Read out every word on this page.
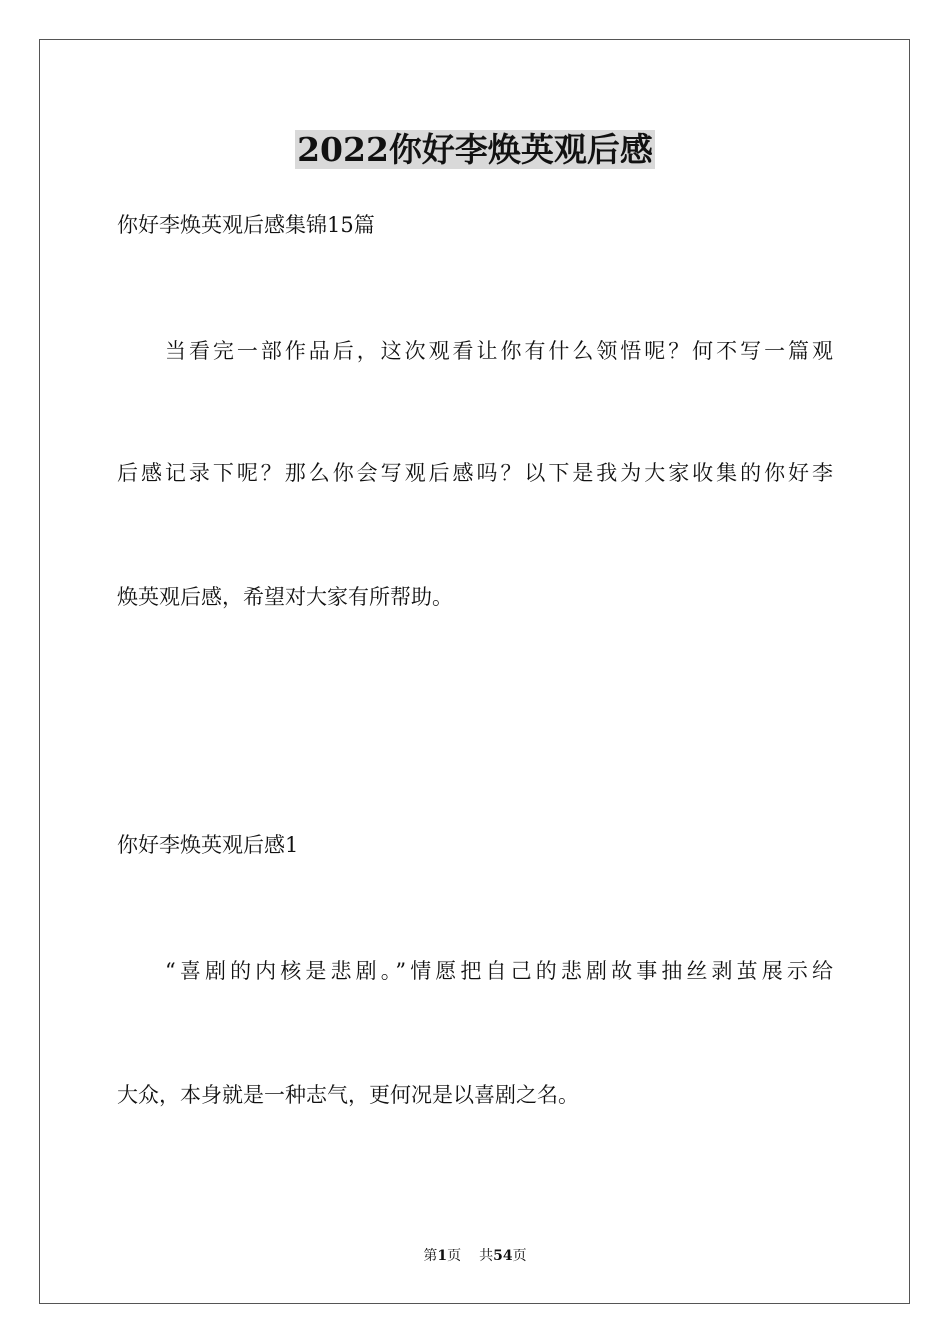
2022你好李焕英观后感
你好李焕英观后感集锦15篇
当看完一部作品后，这次观看让你有什么领悟呢？何不写一篇观
后感记录下呢？那么你会写观后感吗？以下是我为大家收集的你好李
焕英观后感，希望对大家有所帮助。
你好李焕英观后感1
“喜剧的内核是悲剧。”情愿把自己的悲剧故事抽丝剥茧展示给
大众，本身就是一种志气，更何况是以喜剧之名。
第1页 共54页
